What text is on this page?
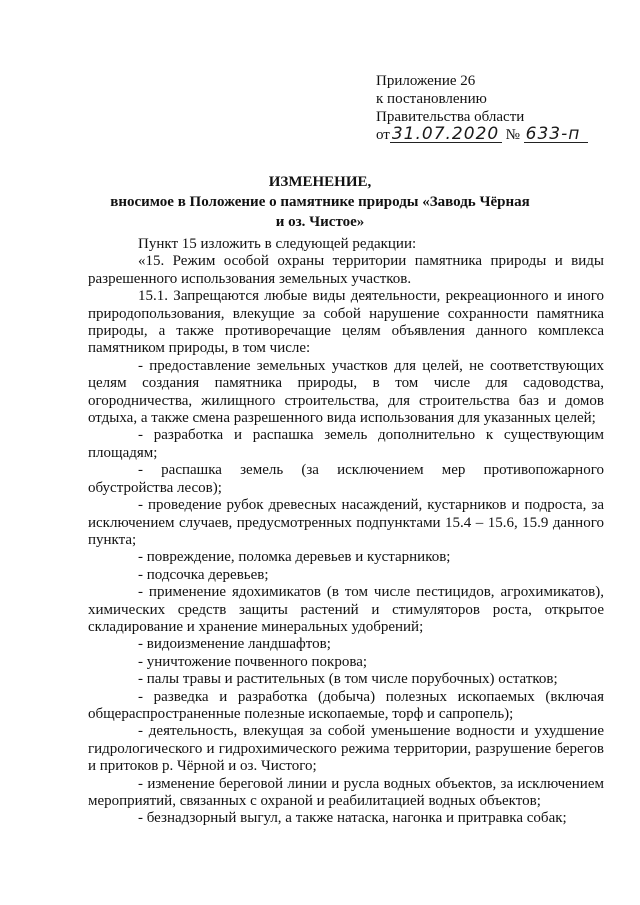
Приложение 26
к постановлению
Правительства области
от 31.07.2020 № 633-п
ИЗМЕНЕНИЕ,
вносимое в Положение о памятнике природы «Заводь Чёрная
и оз. Чистое»
Пункт 15 изложить в следующей редакции:
«15. Режим особой охраны территории памятника природы и виды разрешенного использования земельных участков.
15.1. Запрещаются любые виды деятельности, рекреационного и иного природопользования, влекущие за собой нарушение сохранности памятника природы, а также противоречащие целям объявления данного комплекса памятником природы, в том числе:
- предоставление земельных участков для целей, не соответствующих целям создания памятника природы, в том числе для садоводства, огородничества, жилищного строительства, для строительства баз и домов отдыха, а также смена разрешенного вида использования для указанных целей;
- разработка и распашка земель дополнительно к существующим площадям;
- распашка земель (за исключением мер противопожарного обустройства лесов);
- проведение рубок древесных насаждений, кустарников и подроста, за исключением случаев, предусмотренных подпунктами 15.4 – 15.6, 15.9 данного пункта;
- повреждение, поломка деревьев и кустарников;
- подсочка деревьев;
- применение ядохимикатов (в том числе пестицидов, агрохимикатов), химических средств защиты растений и стимуляторов роста, открытое складирование и хранение минеральных удобрений;
- видоизменение ландшафтов;
- уничтожение почвенного покрова;
- палы травы и растительных (в том числе порубочных) остатков;
- разведка и разработка (добыча) полезных ископаемых (включая общераспространенные полезные ископаемые, торф и сапропель);
- деятельность, влекущая за собой уменьшение водности и ухудшение гидрологического и гидрохимического режима территории, разрушение берегов и притоков р. Чёрной и оз. Чистого;
- изменение береговой линии и русла водных объектов, за исключением мероприятий, связанных с охраной и реабилитацией водных объектов;
- безнадзорный выгул, а также натаска, нагонка и притравка собак;
